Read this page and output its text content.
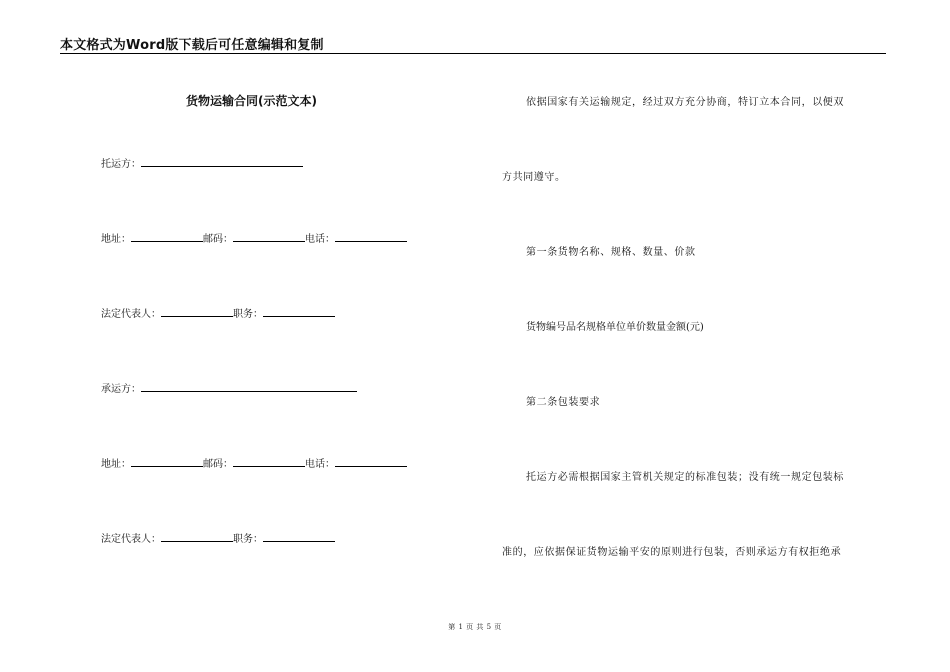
本文格式为Word版下载后可任意编辑和复制
货物运输合同(示范文本)
托运方：
地址：	邮码：	电话：
法定代表人：	职务：
承运方：
地址：	邮码：	电话：
法定代表人：	职务：
依据国家有关运输规定，经过双方充分协商，特订立本合同，以便双
方共同遵守。
第一条货物名称、规格、数量、价款
货物编号品名规格单位单价数量金额(元)
第二条包装要求
托运方必需根据国家主管机关规定的标准包装；没有统一规定包装标
准的，应依据保证货物运输平安的原则进行包装，否则承运方有权拒绝承
第 1 页 共 5 页
